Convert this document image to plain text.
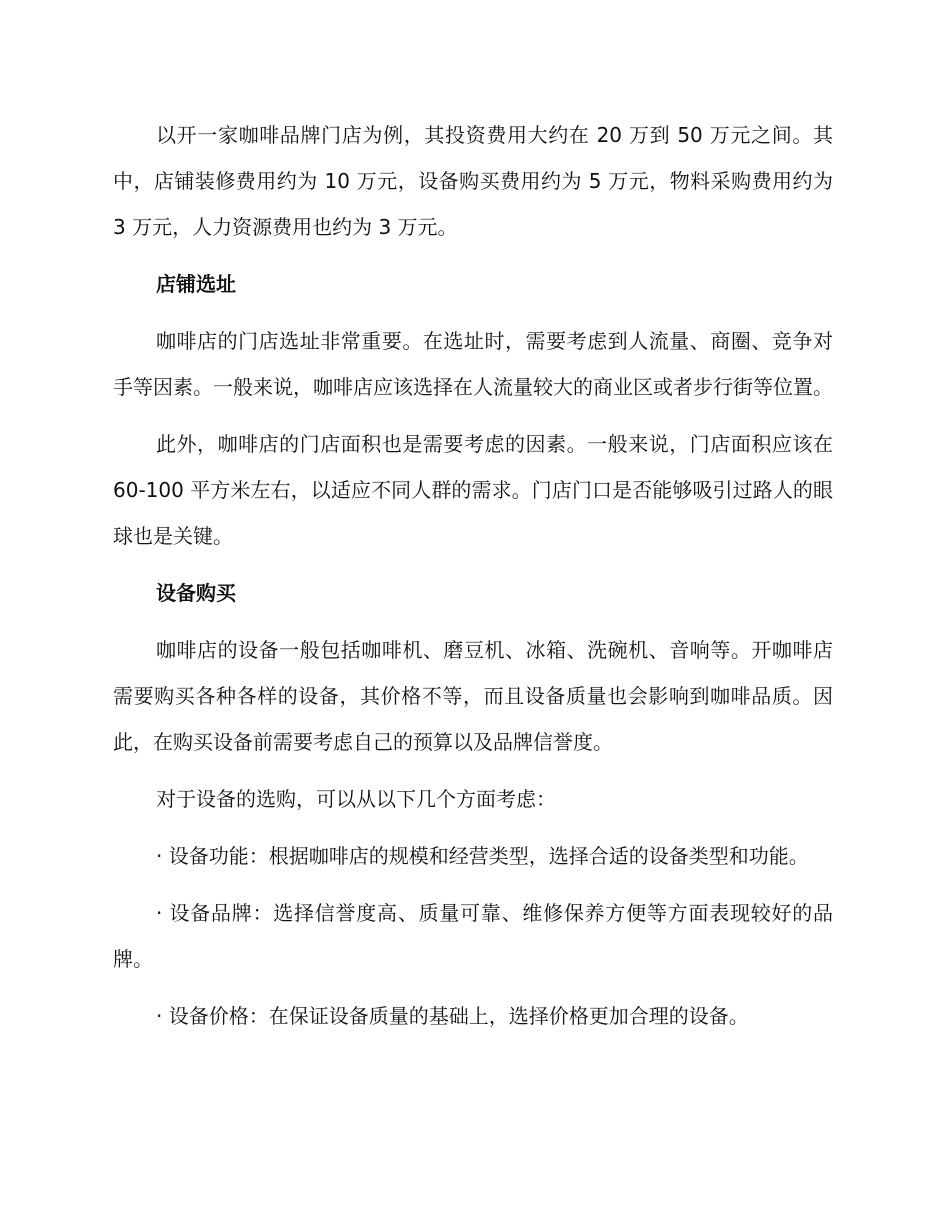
以开一家咖啡品牌门店为例，其投资费用大约在 20 万到 50 万元之间。其中，店铺装修费用约为 10 万元，设备购买费用约为 5 万元，物料采购费用约为 3 万元，人力资源费用也约为 3 万元。

店铺选址

咖啡店的门店选址非常重要。在选址时，需要考虑到人流量、商圈、竞争对手等因素。一般来说，咖啡店应该选择在人流量较大的商业区或者步行街等位置。

此外，咖啡店的门店面积也是需要考虑的因素。一般来说，门店面积应该在 60-100 平方米左右，以适应不同人群的需求。门店门口是否能够吸引过路人的眼球也是关键。

设备购买

咖啡店的设备一般包括咖啡机、磨豆机、冰箱、洗碗机、音响等。开咖啡店需要购买各种各样的设备，其价格不等，而且设备质量也会影响到咖啡品质。因此，在购买设备前需要考虑自己的预算以及品牌信誉度。

对于设备的选购，可以从以下几个方面考虑：

· 设备功能：根据咖啡店的规模和经营类型，选择合适的设备类型和功能。

· 设备品牌：选择信誉度高、质量可靠、维修保养方便等方面表现较好的品牌。

· 设备价格：在保证设备质量的基础上，选择价格更加合理的设备。
